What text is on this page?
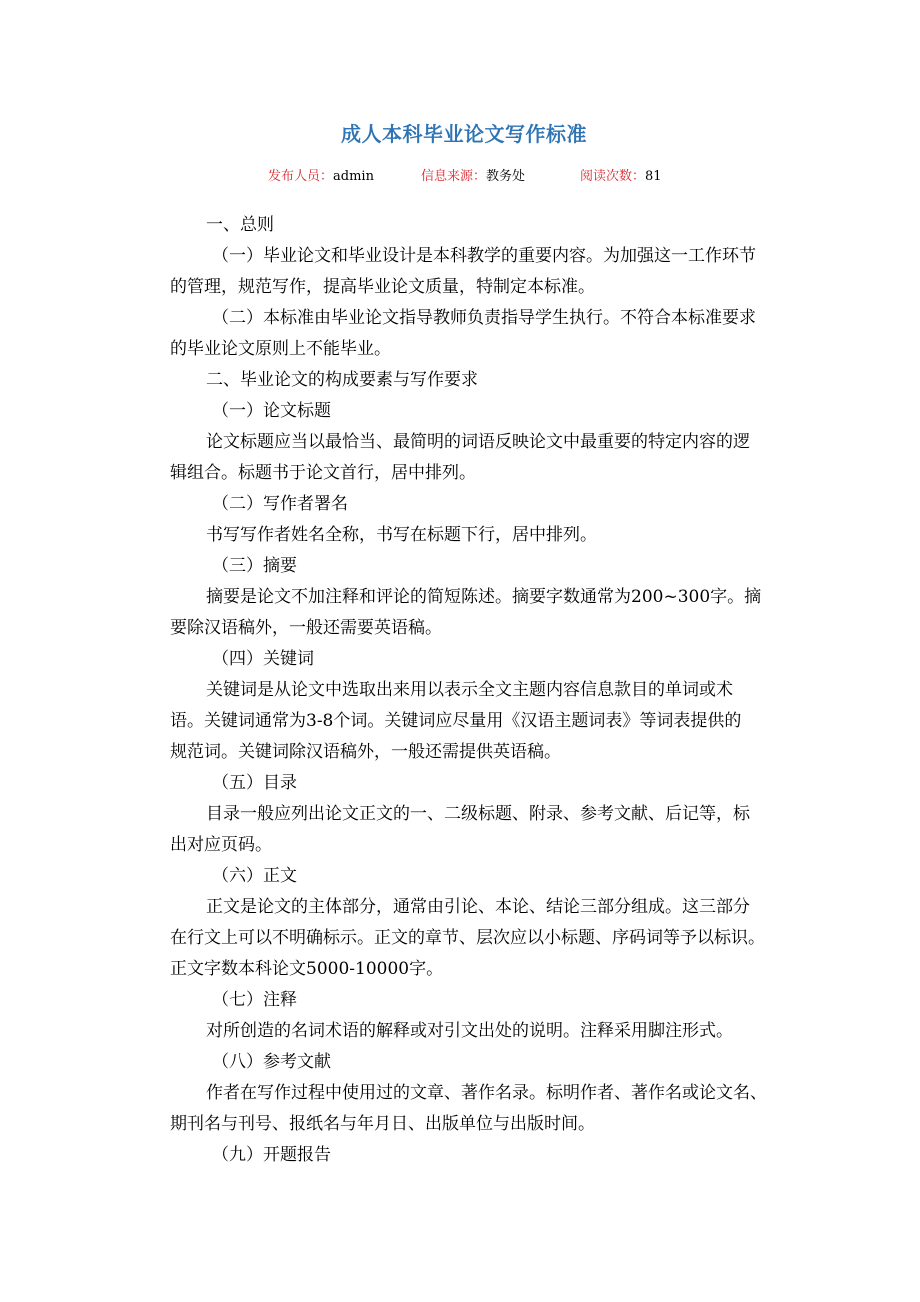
成人本科毕业论文写作标准
发布人员：admin	信息来源：教务处	阅读次数：81
一、总则
（一）毕业论文和毕业设计是本科教学的重要内容。为加强这一工作环节
的管理，规范写作，提高毕业论文质量，特制定本标准。
（二）本标准由毕业论文指导教师负责指导学生执行。不符合本标准要求
的毕业论文原则上不能毕业。
二、毕业论文的构成要素与写作要求
（一）论文标题
论文标题应当以最恰当、最简明的词语反映论文中最重要的特定内容的逻
辑组合。标题书于论文首行，居中排列。
（二）写作者署名
书写写作者姓名全称，书写在标题下行，居中排列。
（三）摘要
摘要是论文不加注释和评论的简短陈述。摘要字数通常为200~300字。摘
要除汉语稿外，一般还需要英语稿。
（四）关键词
关键词是从论文中选取出来用以表示全文主题内容信息款目的单词或术
语。关键词通常为3-8个词。关键词应尽量用《汉语主题词表》等词表提供的
规范词。关键词除汉语稿外，一般还需提供英语稿。
（五）目录
目录一般应列出论文正文的一、二级标题、附录、参考文献、后记等，标
出对应页码。
（六）正文
正文是论文的主体部分，通常由引论、本论、结论三部分组成。这三部分
在行文上可以不明确标示。正文的章节、层次应以小标题、序码词等予以标识。
正文字数本科论文5000-10000字。
（七）注释
对所创造的名词术语的解释或对引文出处的说明。注释采用脚注形式。
（八）参考文献
作者在写作过程中使用过的文章、著作名录。标明作者、著作名或论文名、
期刊名与刊号、报纸名与年月日、出版单位与出版时间。
（九）开题报告
